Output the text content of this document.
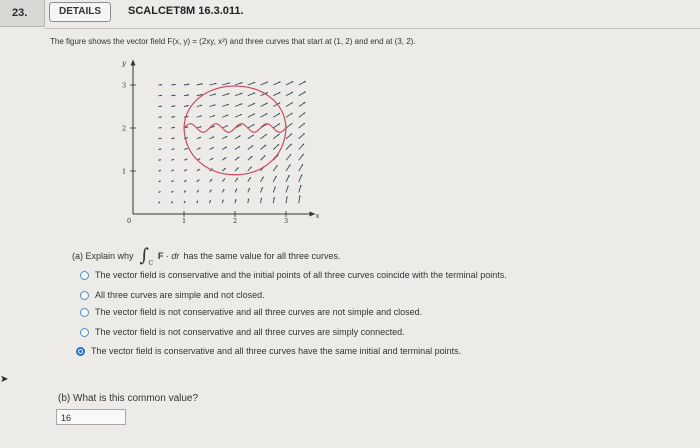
23.	DETAILS	SCALCET8M 16.3.011.
The figure shows the vector field F(x, y) = (2xy, x²) and three curves that start at (1, 2) and end at (3, 2).
y
x
0	1	2	3
1
2
3
(a) Explain why ∫ C
F · dr has the same value for all three curves.
The vector field is conservative and the initial points of all three curves coincide with the terminal points.
All three curves are simple and not closed.
The vector field is not conservative and all three curves are not simple and closed.
The vector field is not conservative and all three curves are simply connected.
The vector field is conservative and all three curves have the same initial and terminal points.
➤
(b) What is this common value?
16
